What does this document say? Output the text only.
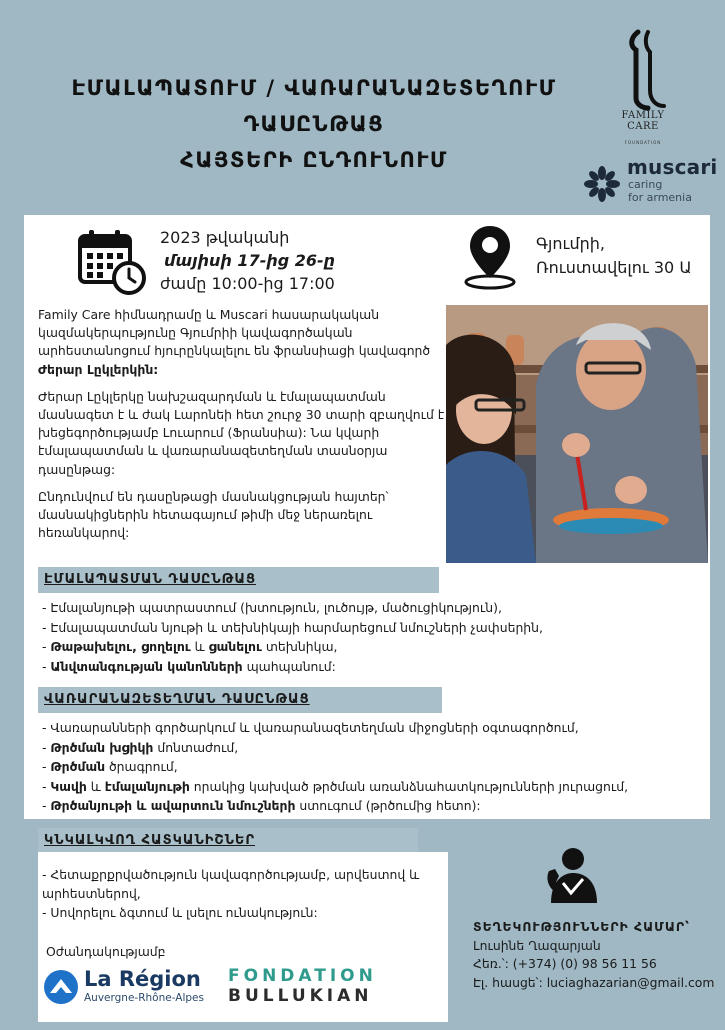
ԷՄԱԼԱՊԱՏՈՒՄ / ՎԱՌԱՐԱՆԱԶԵՏԵՂՈՒՄ
ԴԱՍԸՆԹԱՑ
ՀԱՅՏԵՐԻ ԸՆԴՈՒՆՈՒՄ
FAMILY
CARE
FOUNDATION
muscari
caring
for armenia
2023 թվականի
մայիսի 17-ից 26-ը
ժամը 10:00-ից 17:00
Գյումրի,
Ռուստավելու 30 Ա

Family Care հիմնադրամը և Muscari հասարակական կազմակերպությունը Գյումրիի կավագործական արհեստանոցում հյուրընկալելու են ֆրանսիացի կավագործ
Ժերար Լըկլերկին:

Ժերար Լըկլերկը նախշազարդման և էմալապատման մասնագետ է և ժակ Լարոնեի հետ շուրջ 30 տարի զբաղվում է խեցեգործությամբ Լուարում (Ֆրանսիա): Նա կվարի էմալապատման և վառարանազետեղման տասնօրյա դասընթաց:

Ընդունվում են դասընթացի մասնակցության հայտեր՝ մասնակիցներին հետագայում թիմի մեջ ներառելու հեռանկարով:

ԷՄԱԼԱՊԱՏՄԱՆ ԴԱՍԸՆԹԱՑ
- Էմալանյութի պատրաստում (խտություն, լուծույթ, մածուցիկություն),
- Էմալապատման նյութի և տեխնիկայի հարմարեցում նմուշների չափսերին,
- Թաթախելու, ցողելու և ցանելու տեխնիկա,
- Անվտանգության կանոնների պահպանում:
ՎԱՌԱՐԱՆԱԶԵՏԵՂՄԱՆ ԴԱՍԸՆԹԱՑ
- Վառարանների գործարկում և վառարանազետեղման միջոցների օգտագործում,
- Թրծման խցիկի մոնտաժում,
- Թրծման ծրագրում,
- Կավի և էմալանյութի որակից կախված թրծման առանձնահատկությունների յուրացում,
- Թրծանյութի և ավարտուն նմուշների ստուգում (թրծումից հետո):
ԿՆԿԱԼԿՎՈՂ ՀԱՏԿԱՆԻՇՆԵՐ

- Հետաքրքրվածություն կավագործությամբ, արվեստով և արհեստներով,

- Սովորելու ձգտում և լսելու ունակություն:

Օժանդակությամբ
La Région
Auvergne-Rhône-Alpes
FONDATION
BULLUKIAN
ՏԵՂԵԿՈՒԹՅՈՒՆՆԵՐԻ ՀԱՄԱՐ՝
Լուսինե Ղազարյան
Հեռ.՝: (+374) (0) 98 56 11 56
Էլ. հասցե՝: luciaghazarian@gmail.com
